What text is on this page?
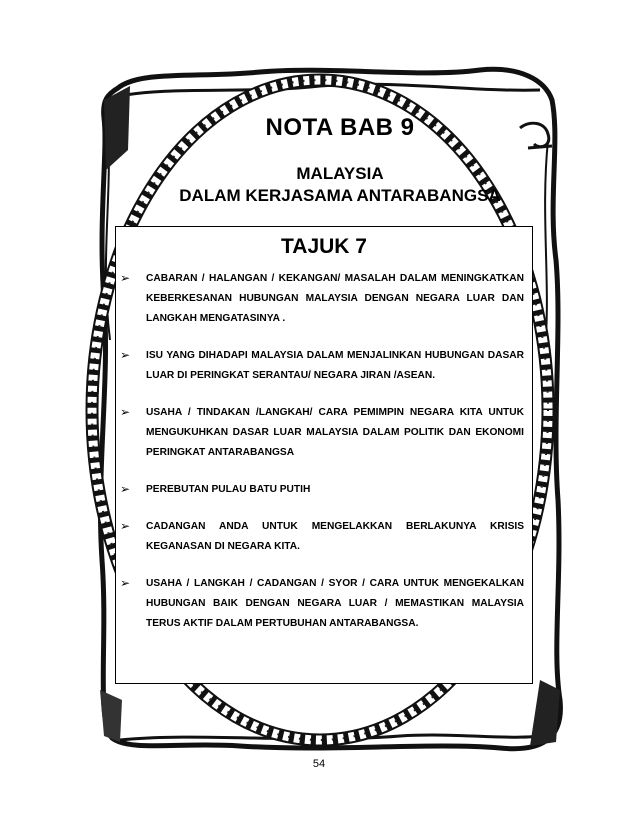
NOTA BAB 9
MALAYSIA
DALAM KERJASAMA ANTARABANGSA
TAJUK 7
➢	CABARAN / HALANGAN / KEKANGAN/ MASALAH DALAM MENINGKATKAN KEBERKESANAN HUBUNGAN MALAYSIA DENGAN NEGARA LUAR DAN LANGKAH MENGATASINYA .
➢	ISU YANG DIHADAPI MALAYSIA DALAM MENJALINKAN HUBUNGAN DASAR LUAR DI PERINGKAT SERANTAU/ NEGARA JIRAN /ASEAN.
➢	USAHA / TINDAKAN /LANGKAH/ CARA PEMIMPIN NEGARA KITA UNTUK MENGUKUHKAN DASAR LUAR MALAYSIA DALAM POLITIK DAN EKONOMI PERINGKAT ANTARABANGSA
➢	PEREBUTAN PULAU BATU PUTIH
➢	CADANGAN ANDA UNTUK MENGELAKKAN BERLAKUNYA KRISIS KEGANASAN DI NEGARA KITA.
➢	USAHA / LANGKAH / CADANGAN / SYOR / CARA UNTUK MENGEKALKAN HUBUNGAN BAIK DENGAN NEGARA LUAR / MEMASTIKAN MALAYSIA TERUS AKTIF DALAM PERTUBUHAN ANTARABANGSA.
54
